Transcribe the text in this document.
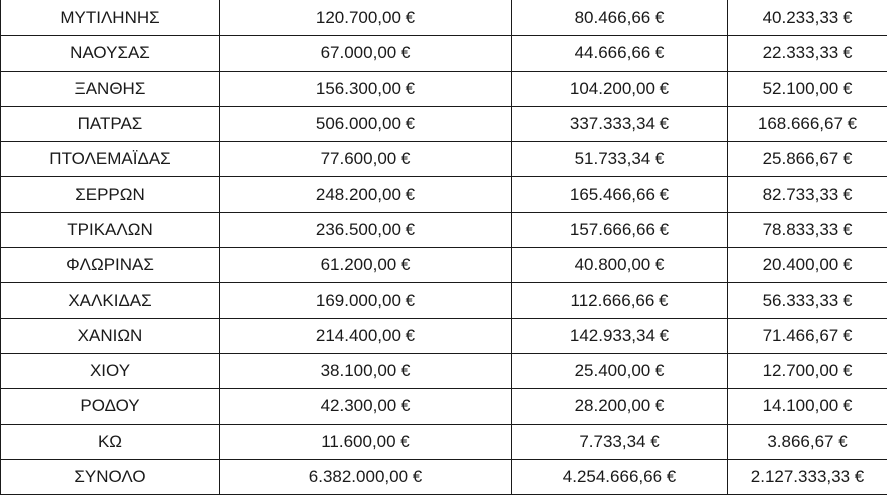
ΜΥΤΙΛΗΝΗΣ	120.700,00 €	80.466,66 €	40.233,33 €
ΝΑΟΥΣΑΣ	67.000,00 €	44.666,66 €	22.333,33 €
ΞΑΝΘΗΣ	156.300,00 €	104.200,00 €	52.100,00 €
ΠΑΤΡΑΣ	506.000,00 €	337.333,34 €	168.666,67 €
ΠΤΟΛΕΜΑΪΔΑΣ	77.600,00 €	51.733,34 €	25.866,67 €
ΣΕΡΡΩΝ	248.200,00 €	165.466,66 €	82.733,33 €
ΤΡΙΚΑΛΩΝ	236.500,00 €	157.666,66 €	78.833,33 €
ΦΛΩΡΙΝΑΣ	61.200,00 €	40.800,00 €	20.400,00 €
ΧΑΛΚΙΔΑΣ	169.000,00 €	112.666,66 €	56.333,33 €
ΧΑΝΙΩΝ	214.400,00 €	142.933,34 €	71.466,67 €
ΧΙΟΥ	38.100,00 €	25.400,00 €	12.700,00 €
ΡΟΔΟΥ	42.300,00 €	28.200,00 €	14.100,00 €
ΚΩ	11.600,00 €	7.733,34 €	3.866,67 €
ΣΥΝΟΛΟ	6.382.000,00 €	4.254.666,66 €	2.127.333,33 €
